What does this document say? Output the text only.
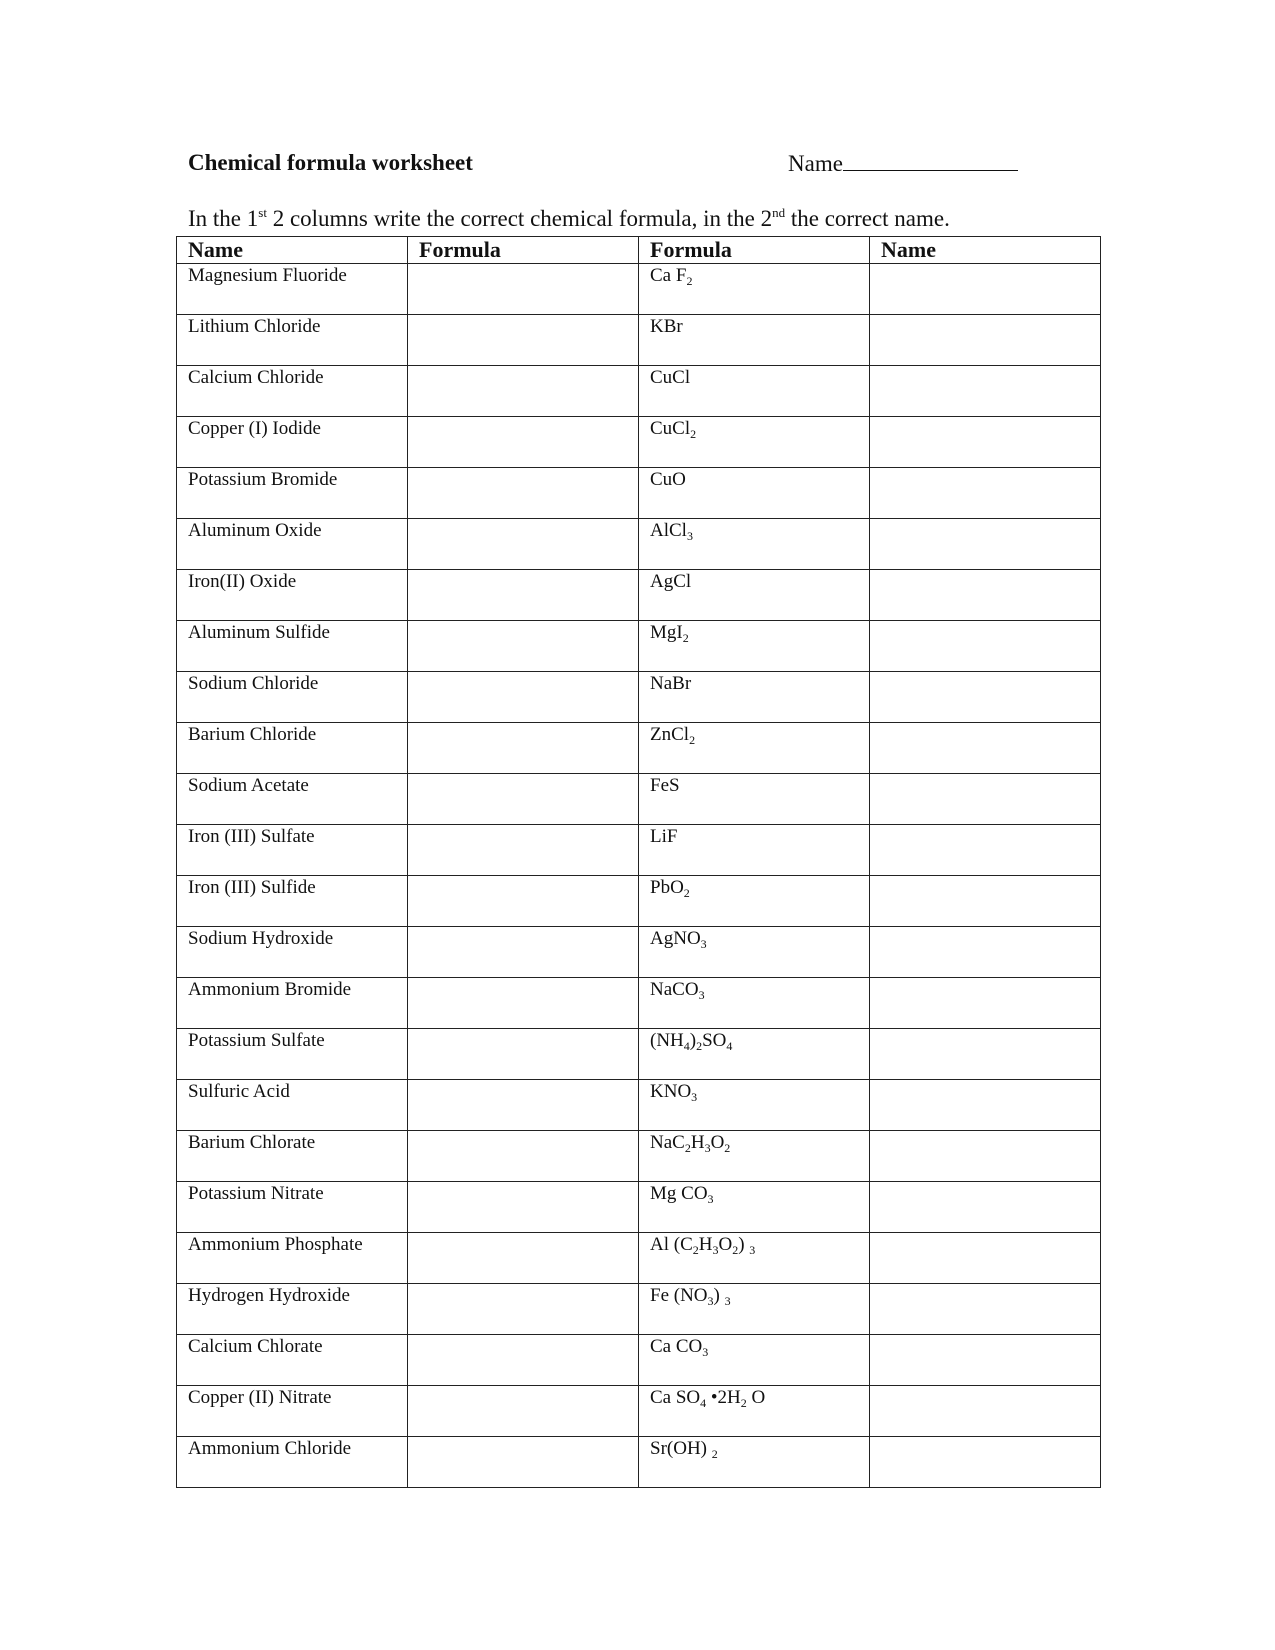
Chemical formula worksheet	Name
In the 1st 2 columns write the correct chemical formula, in the 2nd the correct name.
Name	Formula	Formula	Name
Magnesium Fluoride		Ca $F_2$	
Lithium Chloride		KBr	
Calcium Chloride		CuCl	
Copper (I) Iodide		CuCl$_2$	
Potassium Bromide		CuO	
Aluminum Oxide		AlCl$_3$	
Iron(II) Oxide		AgCl	
Aluminum Sulfide		MgI$_2$	
Sodium Chloride		NaBr	
Barium Chloride		ZnCl$_2$	
Sodium Acetate		FeS	
Iron (III) Sulfate		LiF	
Iron (III) Sulfide		PbO$_2$	
Sodium Hydroxide		AgNO$_3$	
Ammonium Bromide		NaCO$_3$	
Potassium Sulfate		$(NH_4)_2SO_4$	
Sulfuric Acid		$KNO_3$	
Barium Chlorate		$NaC_2H_3O_2$	
Potassium Nitrate		Mg $CO_3$	
Ammonium Phosphate		Al $(C_2H_3O_2)$ $_3$	
Hydrogen Hydroxide		Fe $(NO_3)$ $_3$	
Calcium Chlorate		Ca $CO_3$	
Copper (II) Nitrate		Ca $SO_4$ $•2H_2$ O	
Ammonium Chloride		Sr(OH) $_2$	
